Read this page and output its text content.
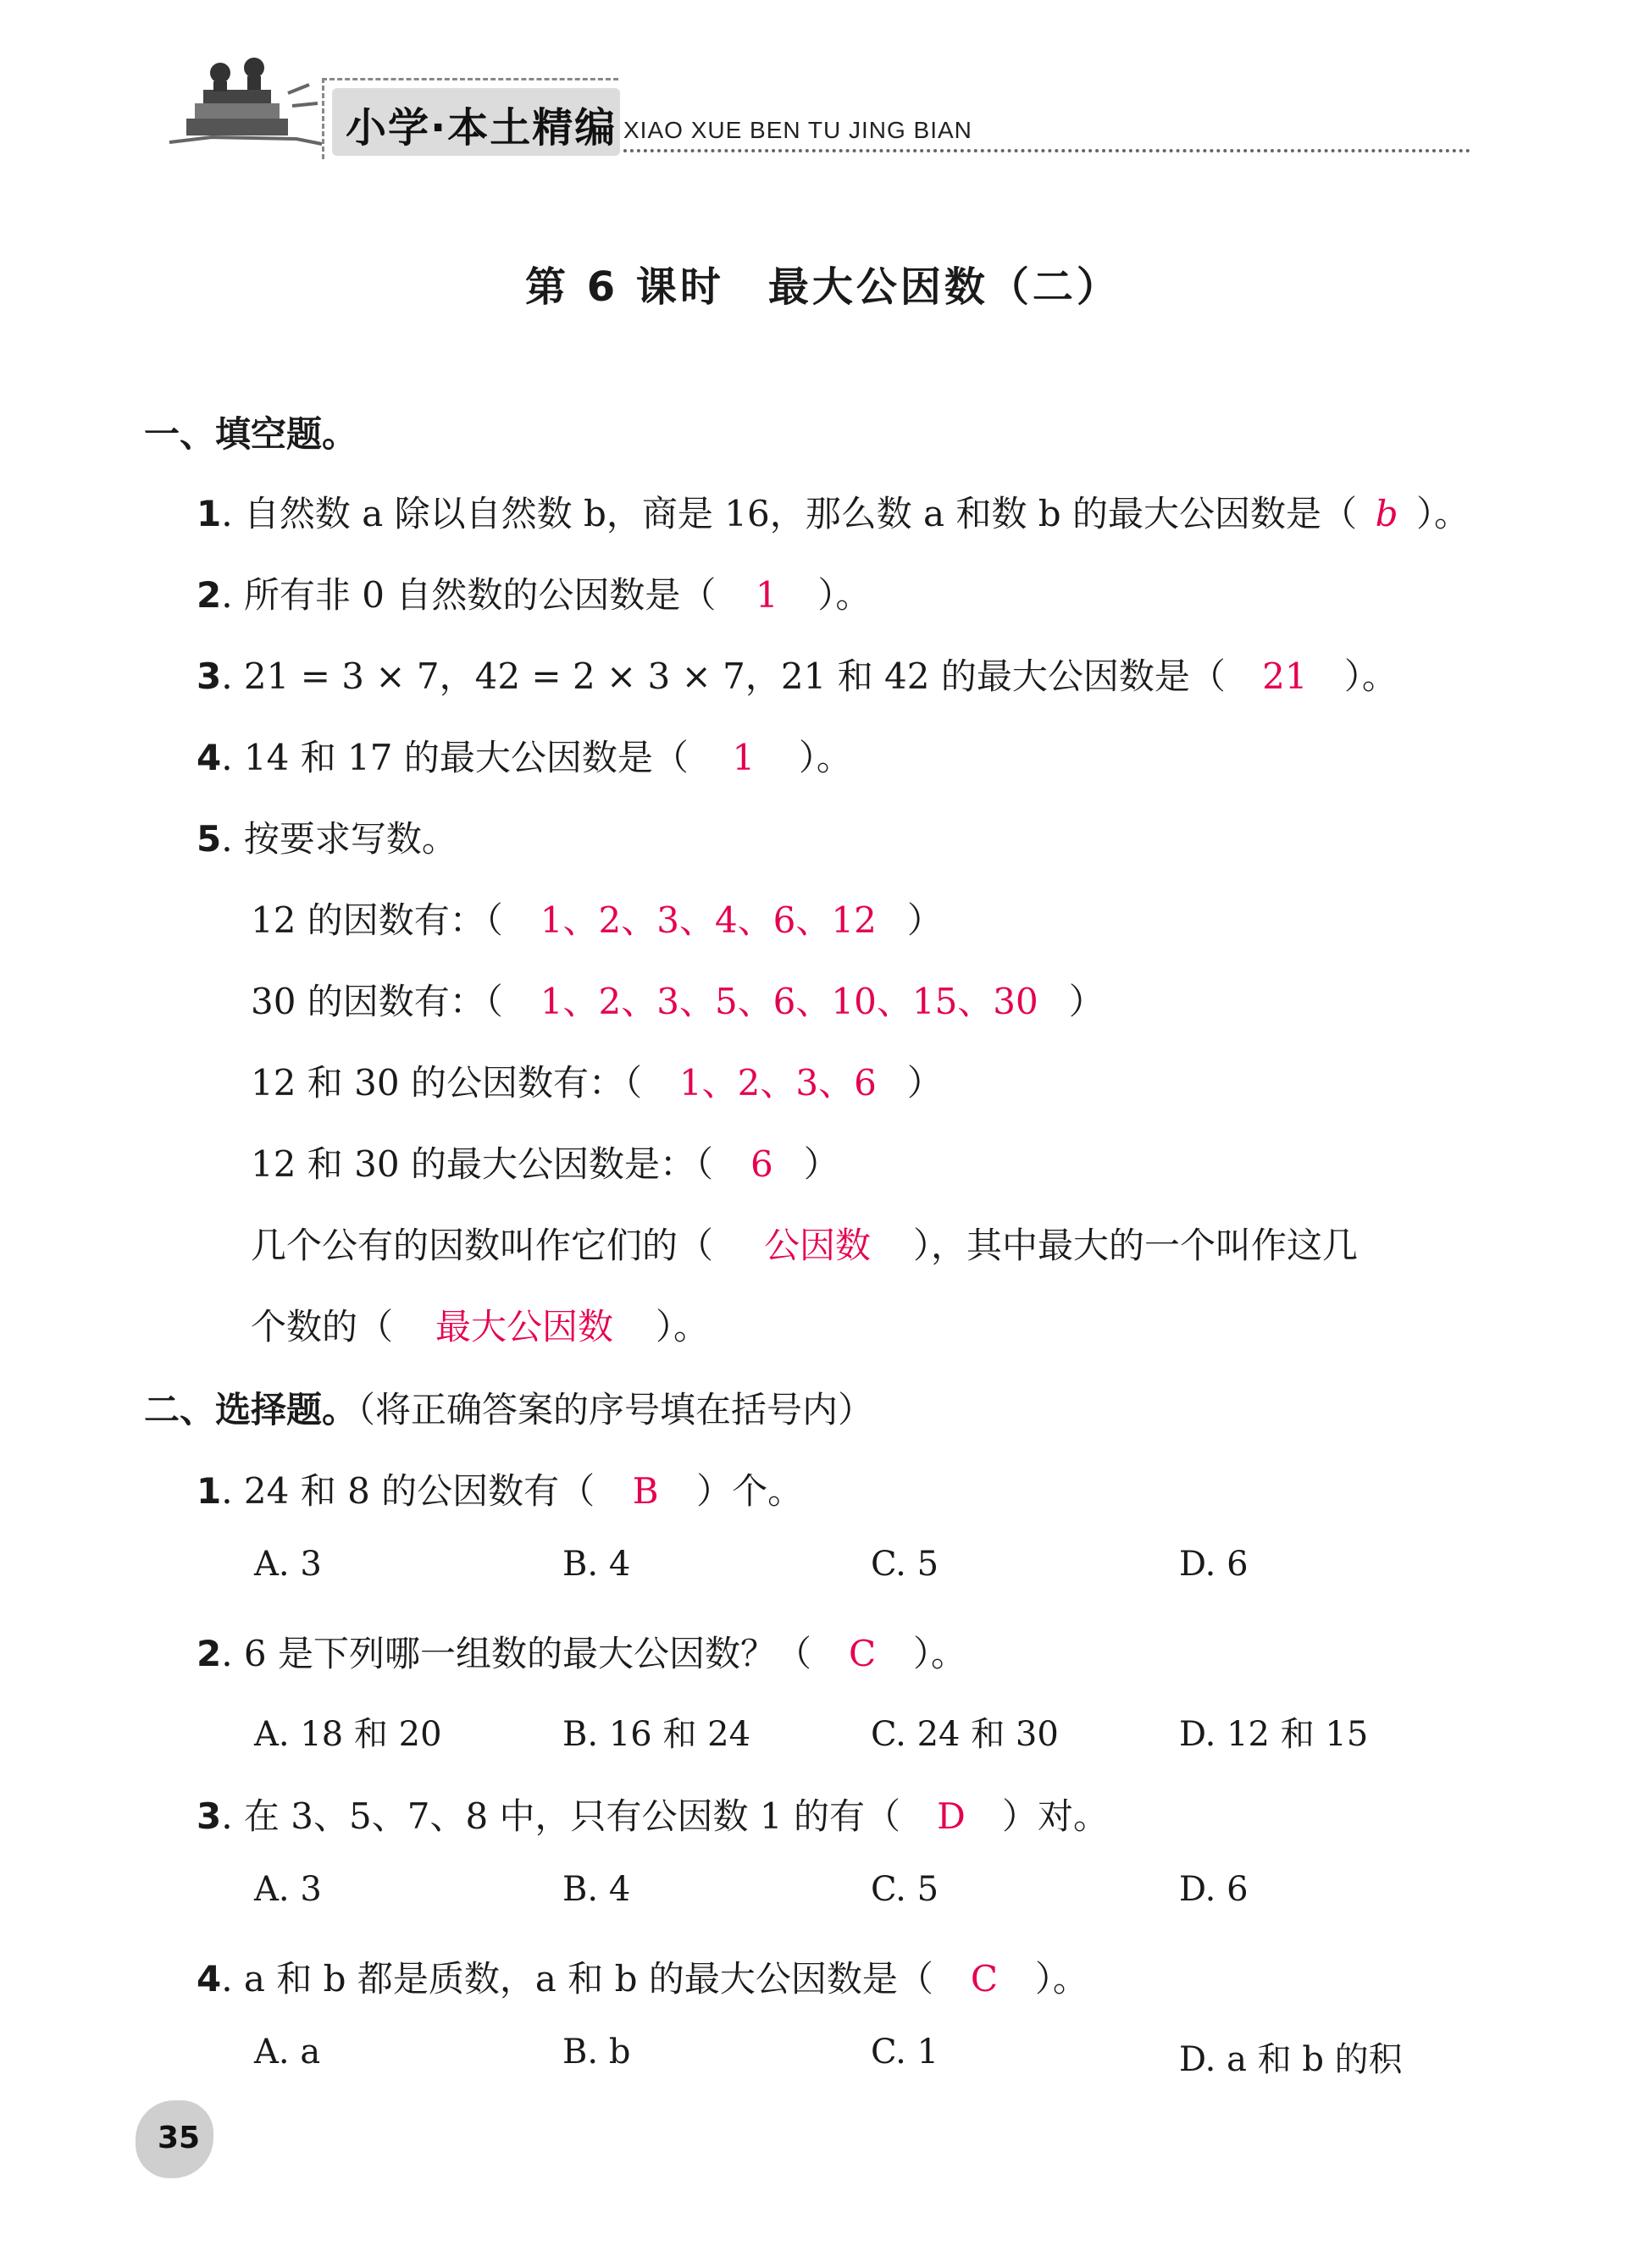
小学·本土精编 XIAO XUE BEN TU JING BIAN
第 6 课时　最大公因数（二）
一、填空题。
1. 自然数 a 除以自然数 b，商是 16，那么数 a 和数 b 的最大公因数是（ b ）。
2. 所有非 0 自然数的公因数是（ 1 ）。
3. 21 = 3 × 7，42 = 2 × 3 × 7，21 和 42 的最大公因数是（ 21 ）。
4. 14 和 17 的最大公因数是（ 1 ）。
5. 按要求写数。
12 的因数有：（ 1、2、3、4、6、12 ）
30 的因数有：（ 1、2、3、5、6、10、15、30 ）
12 和 30 的公因数有：（ 1、2、3、6 ）
12 和 30 的最大公因数是：（ 6 ）
几个公有的因数叫作它们的（ 公因数 ），其中最大的一个叫作这几
个数的（ 最大公因数 ）。
二、选择题。（将正确答案的序号填在括号内）
1. 24 和 8 的公因数有（ B ）个。
A. 3	B. 4	C. 5	D. 6
2. 6 是下列哪一组数的最大公因数？（ C ）。
A. 18 和 20	B. 16 和 24	C. 24 和 30	D. 12 和 15
3. 在 3、5、7、8 中，只有公因数 1 的有（ D ）对。
A. 3	B. 4	C. 5	D. 6
4. a 和 b 都是质数，a 和 b 的最大公因数是（ C ）。
A. a	B. b	C. 1	D. a 和 b 的积
35
